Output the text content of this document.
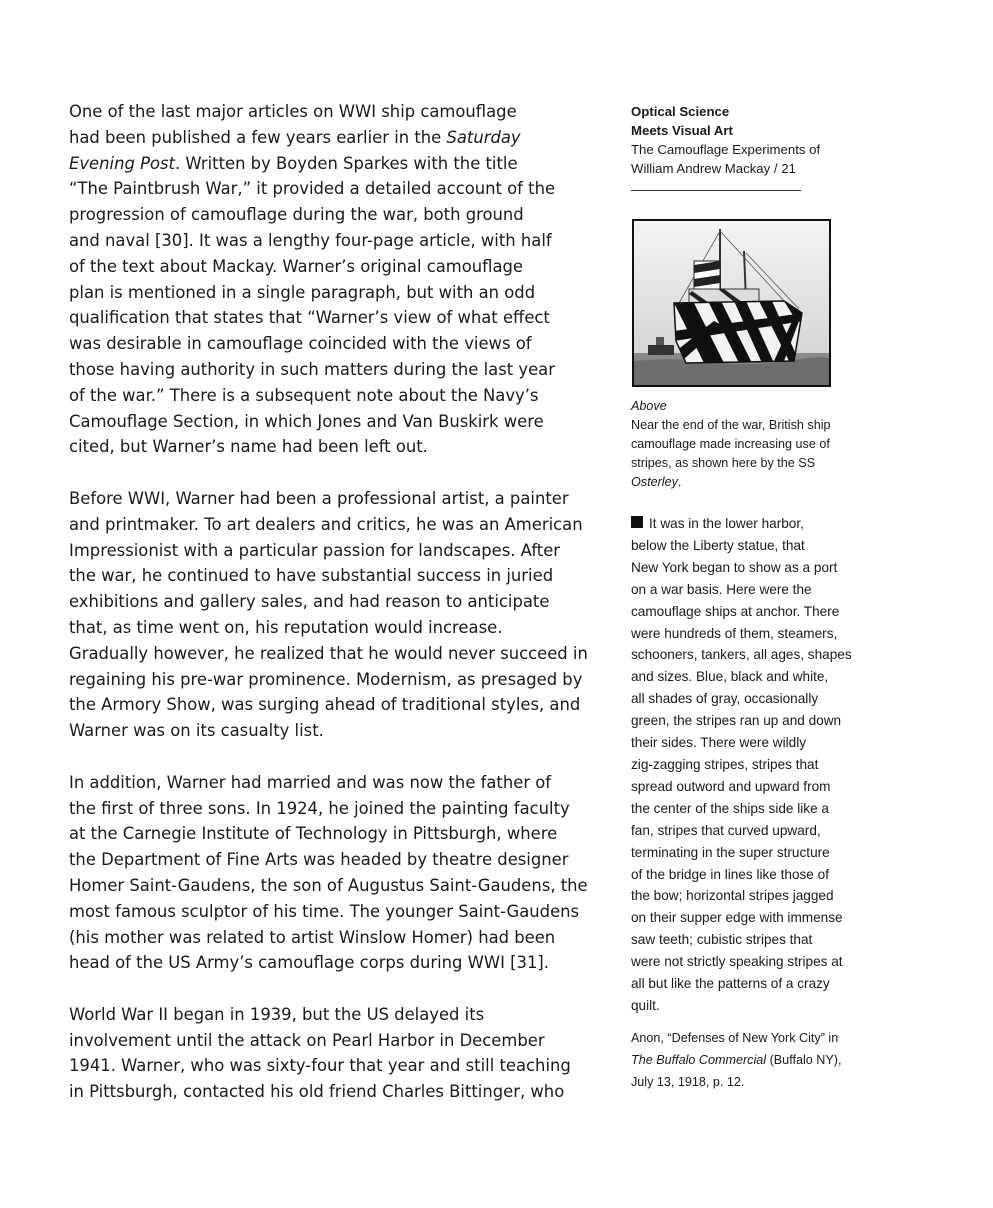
One of the last major articles on WWI ship camouflage
had been published a few years earlier in the Saturday
Evening Post. Written by Boyden Sparkes with the title
“The Paintbrush War,” it provided a detailed account of the
progression of camouflage during the war, both ground
and naval [30]. It was a lengthy four-page article, with half
of the text about Mackay. Warner’s original camouflage
plan is mentioned in a single paragraph, but with an odd
qualification that states that “Warner’s view of what effect
was desirable in camouflage coincided with the views of
those having authority in such matters during the last year
of the war.” There is a subsequent note about the Navy’s
Camouflage Section, in which Jones and Van Buskirk were
cited, but Warner’s name had been left out.

Before WWI, Warner had been a professional artist, a painter
and printmaker. To art dealers and critics, he was an American
Impressionist with a particular passion for landscapes. After
the war, he continued to have substantial success in juried
exhibitions and gallery sales, and had reason to anticipate
that, as time went on, his reputation would increase.
Gradually however, he realized that he would never succeed in
regaining his pre-war prominence. Modernism, as presaged by
the Armory Show, was surging ahead of traditional styles, and
Warner was on its casualty list.

In addition, Warner had married and was now the father of
the first of three sons. In 1924, he joined the painting faculty
at the Carnegie Institute of Technology in Pittsburgh, where
the Department of Fine Arts was headed by theatre designer
Homer Saint-Gaudens, the son of Augustus Saint-Gaudens, the
most famous sculptor of his time. The younger Saint-Gaudens
(his mother was related to artist Winslow Homer) had been
head of the US Army’s camouflage corps during WWI [31].

World War II began in 1939, but the US delayed its
involvement until the attack on Pearl Harbor in December
1941. Warner, who was sixty-four that year and still teaching
in Pittsburgh, contacted his old friend Charles Bittinger, who

Optical Science
Meets Visual Art
The Camouflage Experiments of
William Andrew Mackay / 21
Above
Near the end of the war, British ship
camouflage made increasing use of
stripes, as shown here by the SS Osterley.
It was in the lower harbor,
below the Liberty statue, that
New York began to show as a port
on a war basis. Here were the
camouflage ships at anchor. There
were hundreds of them, steamers,
schooners, tankers, all ages, shapes
and sizes. Blue, black and white,
all shades of gray, occasionally
green, the stripes ran up and down
their sides. There were wildly
zig-zagging stripes, stripes that
spread outword and upward from
the center of the ships side like a
fan, stripes that curved upward,
terminating in the super structure
of the bridge in lines like those of
the bow; horizontal stripes jagged
on their supper edge with immense
saw teeth; cubistic stripes that
were not strictly speaking stripes at
all but like the patterns of a crazy
quilt.
Anon, “Defenses of New York City” in
The Buffalo Commercial (Buffalo NY),
July 13, 1918, p. 12.
